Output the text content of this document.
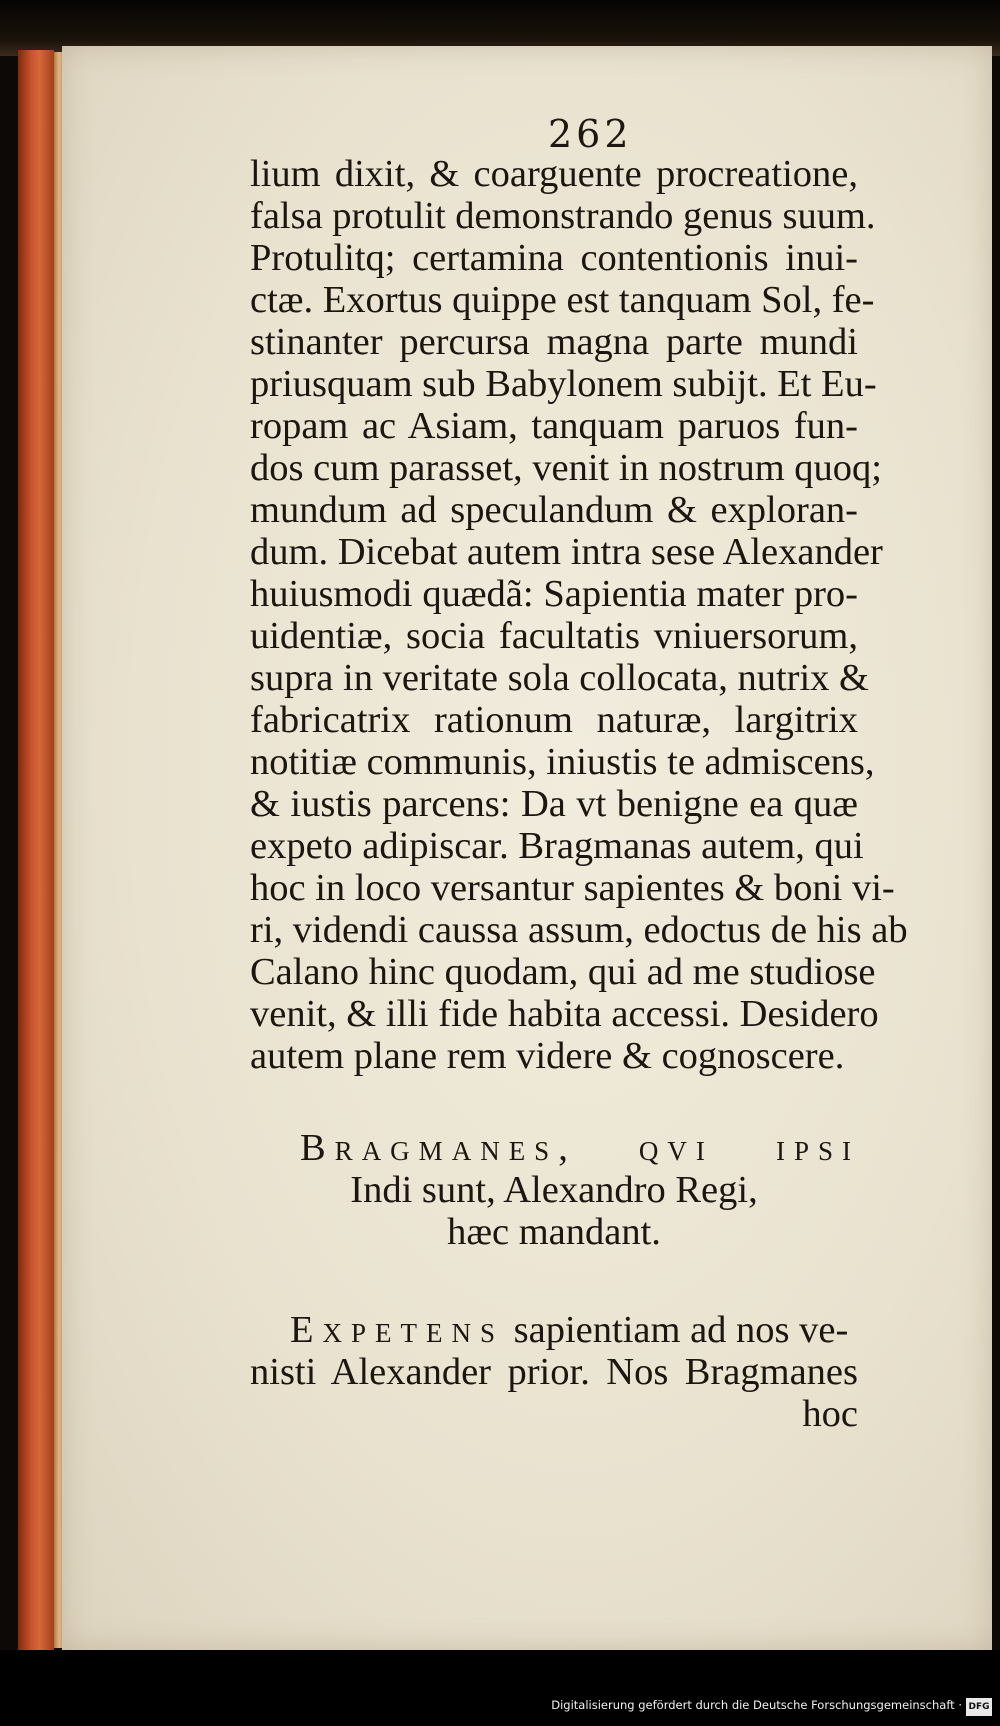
262
lium dixit, & coarguente procreatione,
falsa protulit demonstrando genus suum.
Protulitq; certamina contentionis inui-
ctæ. Exortus quippe est tanquam Sol, fe-
stinanter percursa magna parte mundi
priusquam sub Babylonem subijt. Et Eu-
ropam ac Asiam, tanquam paruos fun-
dos cum parasset, venit in nostrum quoq;
mundum ad speculandum & exploran-
dum. Dicebat autem intra sese Alexander
huiusmodi quædã: Sapientia mater pro-
uidentiæ, socia facultatis vniuersorum,
supra in veritate sola collocata, nutrix &
fabricatrix rationum naturæ, largitrix
notitiæ communis, iniustis te admiscens,
& iustis parcens: Da vt benigne ea quæ
expeto adipiscar. Bragmanas autem, qui
hoc in loco versantur sapientes & boni vi-
ri, videndi caussa assum, edoctus de his ab
Calano hinc quodam, qui ad me studiose
venit, & illi fide habita accessi. Desidero
autem plane rem videre & cognoscere.
Bragmanes, qvi ipsi
Indi sunt, Alexandro Regi,
hæc mandant.
Expetens sapientiam ad nos ve-
nisti Alexander prior. Nos Bragmanes
hoc
Digitalisierung gefördert durch die Deutsche Forschungsgemeinschaft · DFG
